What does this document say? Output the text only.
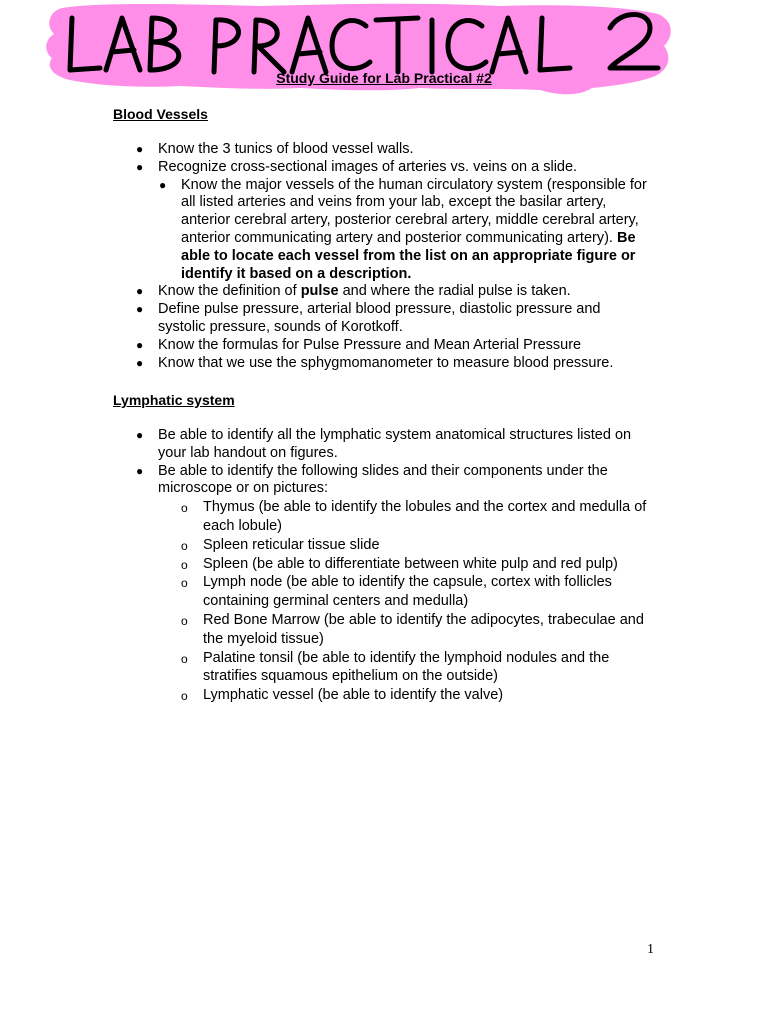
Study Guide for Lab Practical #2
Blood Vessels
● Know the 3 tunics of blood vessel walls.
● Recognize cross-sectional images of arteries vs. veins on a slide.
● Know the major vessels of the human circulatory system (responsible for all listed arteries and veins from your lab, except the basilar artery, anterior cerebral artery, posterior cerebral artery, middle cerebral artery, anterior communicating artery and posterior communicating artery). Be able to locate each vessel from the list on an appropriate figure or identify it based on a description.
● Know the definition of pulse and where the radial pulse is taken.
● Define pulse pressure, arterial blood pressure, diastolic pressure and systolic pressure, sounds of Korotkoff.
● Know the formulas for Pulse Pressure and Mean Arterial Pressure
● Know that we use the sphygmomanometer to measure blood pressure.
Lymphatic system
● Be able to identify all the lymphatic system anatomical structures listed on your lab handout on figures.
● Be able to identify the following slides and their components under the microscope or on pictures:
o Thymus (be able to identify the lobules and the cortex and medulla of each lobule)
o Spleen reticular tissue slide
o Spleen (be able to differentiate between white pulp and red pulp)
o Lymph node (be able to identify the capsule, cortex with follicles containing germinal centers and medulla)
o Red Bone Marrow (be able to identify the adipocytes, trabeculae and the myeloid tissue)
o Palatine tonsil (be able to identify the lymphoid nodules and the stratifies squamous epithelium on the outside)
o Lymphatic vessel (be able to identify the valve)
1
